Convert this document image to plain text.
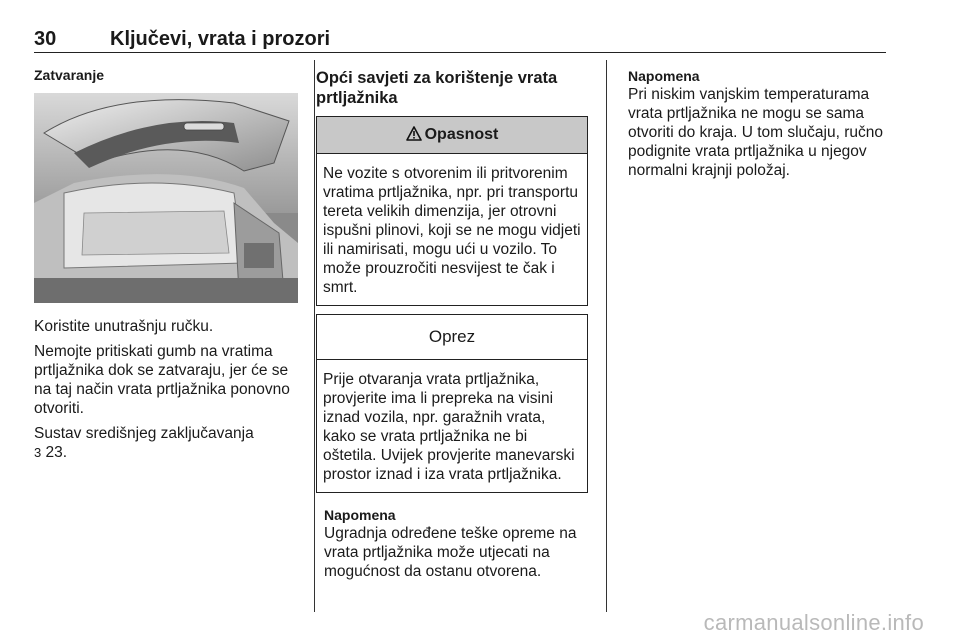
30	Ključevi, vrata i prozori
Zatvaranje

Koristite unutrašnju ručku.

Nemojte pritiskati gumb na vratima prtljažnika dok se zatvaraju, jer će se na taj način vrata prtljažnika ponovno otvoriti.

Sustav središnjeg zaključavanja
3 23.

Opći savjeti za korištenje vrata
prtljažnika
Opasnost
Ne vozite s otvorenim ili pritvorenim vratima prtljažnika, npr. pri transportu tereta velikih dimenzija, jer otrovni ispušni plinovi, koji se ne mogu vidjeti ili namirisati, mogu ući u vozilo. To može prouzročiti nesvijest te čak i smrt.
Oprez
Prije otvaranja vrata prtljažnika, provjerite ima li prepreka na visini iznad vozila, npr. garažnih vrata, kako se vrata prtljažnika ne bi oštetila. Uvijek provjerite manevarski prostor iznad i iza vrata prtljažnika.
Napomena
Ugradnja određene teške opreme na vrata prtljažnika može utjecati na mogućnost da ostanu otvorena.
Napomena
Pri niskim vanjskim temperaturama vrata prtljažnika ne mogu se sama otvoriti do kraja. U tom slučaju, ručno podignite vrata prtljažnika u njegov normalni krajnji položaj.
carmanualsonline.info
